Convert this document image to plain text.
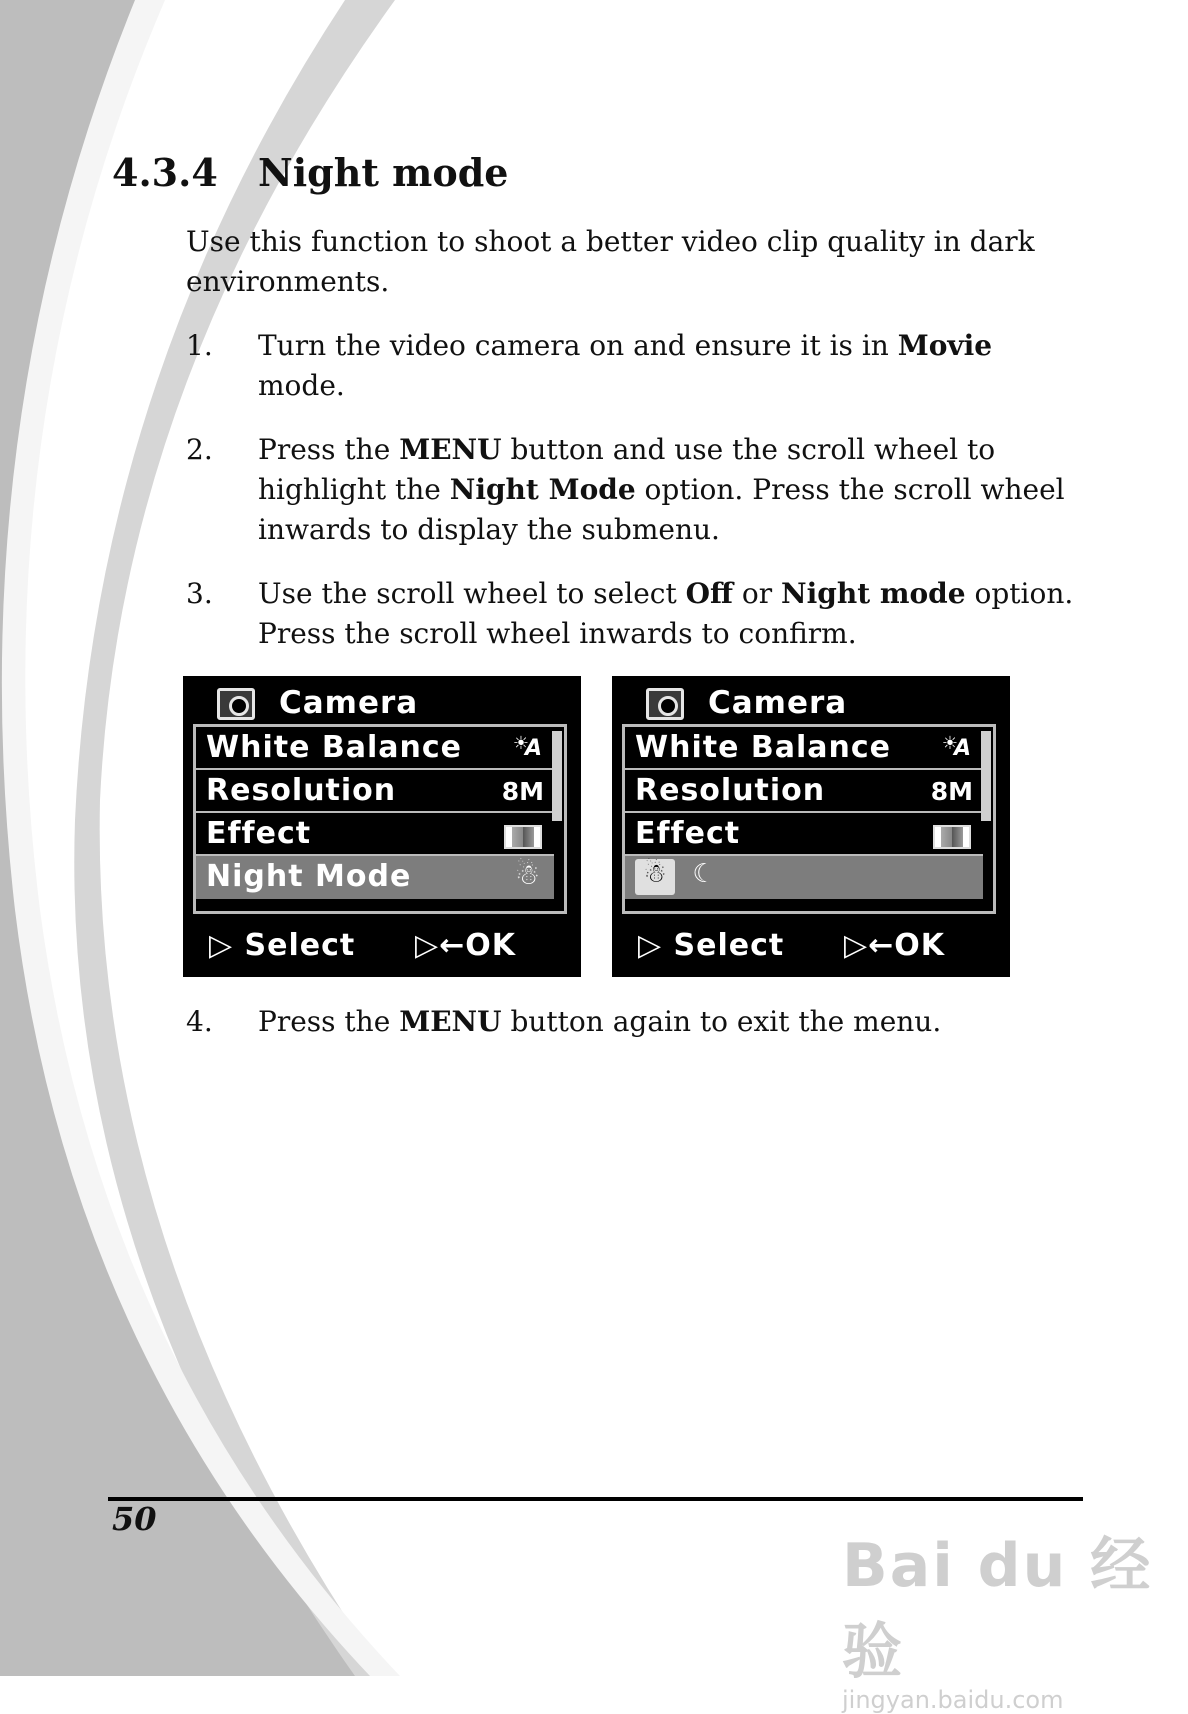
4.3.4 Night mode
Use this function to shoot a better video clip quality in dark environments.
1. Turn the video camera on and ensure it is in Movie mode.
2. Press the MENU button and use the scroll wheel to highlight the Night Mode option. Press the scroll wheel inwards to display the submenu.
3. Use the scroll wheel to select Off or Night mode option. Press the scroll wheel inwards to confirm.
Camera
White Balance	☀ A
Resolution	8M
Effect
Night Mode	☃
▷ Select ▷←OK
Camera
White Balance	☀ A
Resolution	8M
Effect
☃ ☾
▷ Select ▷←OK
4. Press the MENU button again to exit the menu.
50
Bai du 经验
jingyan.baidu.com
